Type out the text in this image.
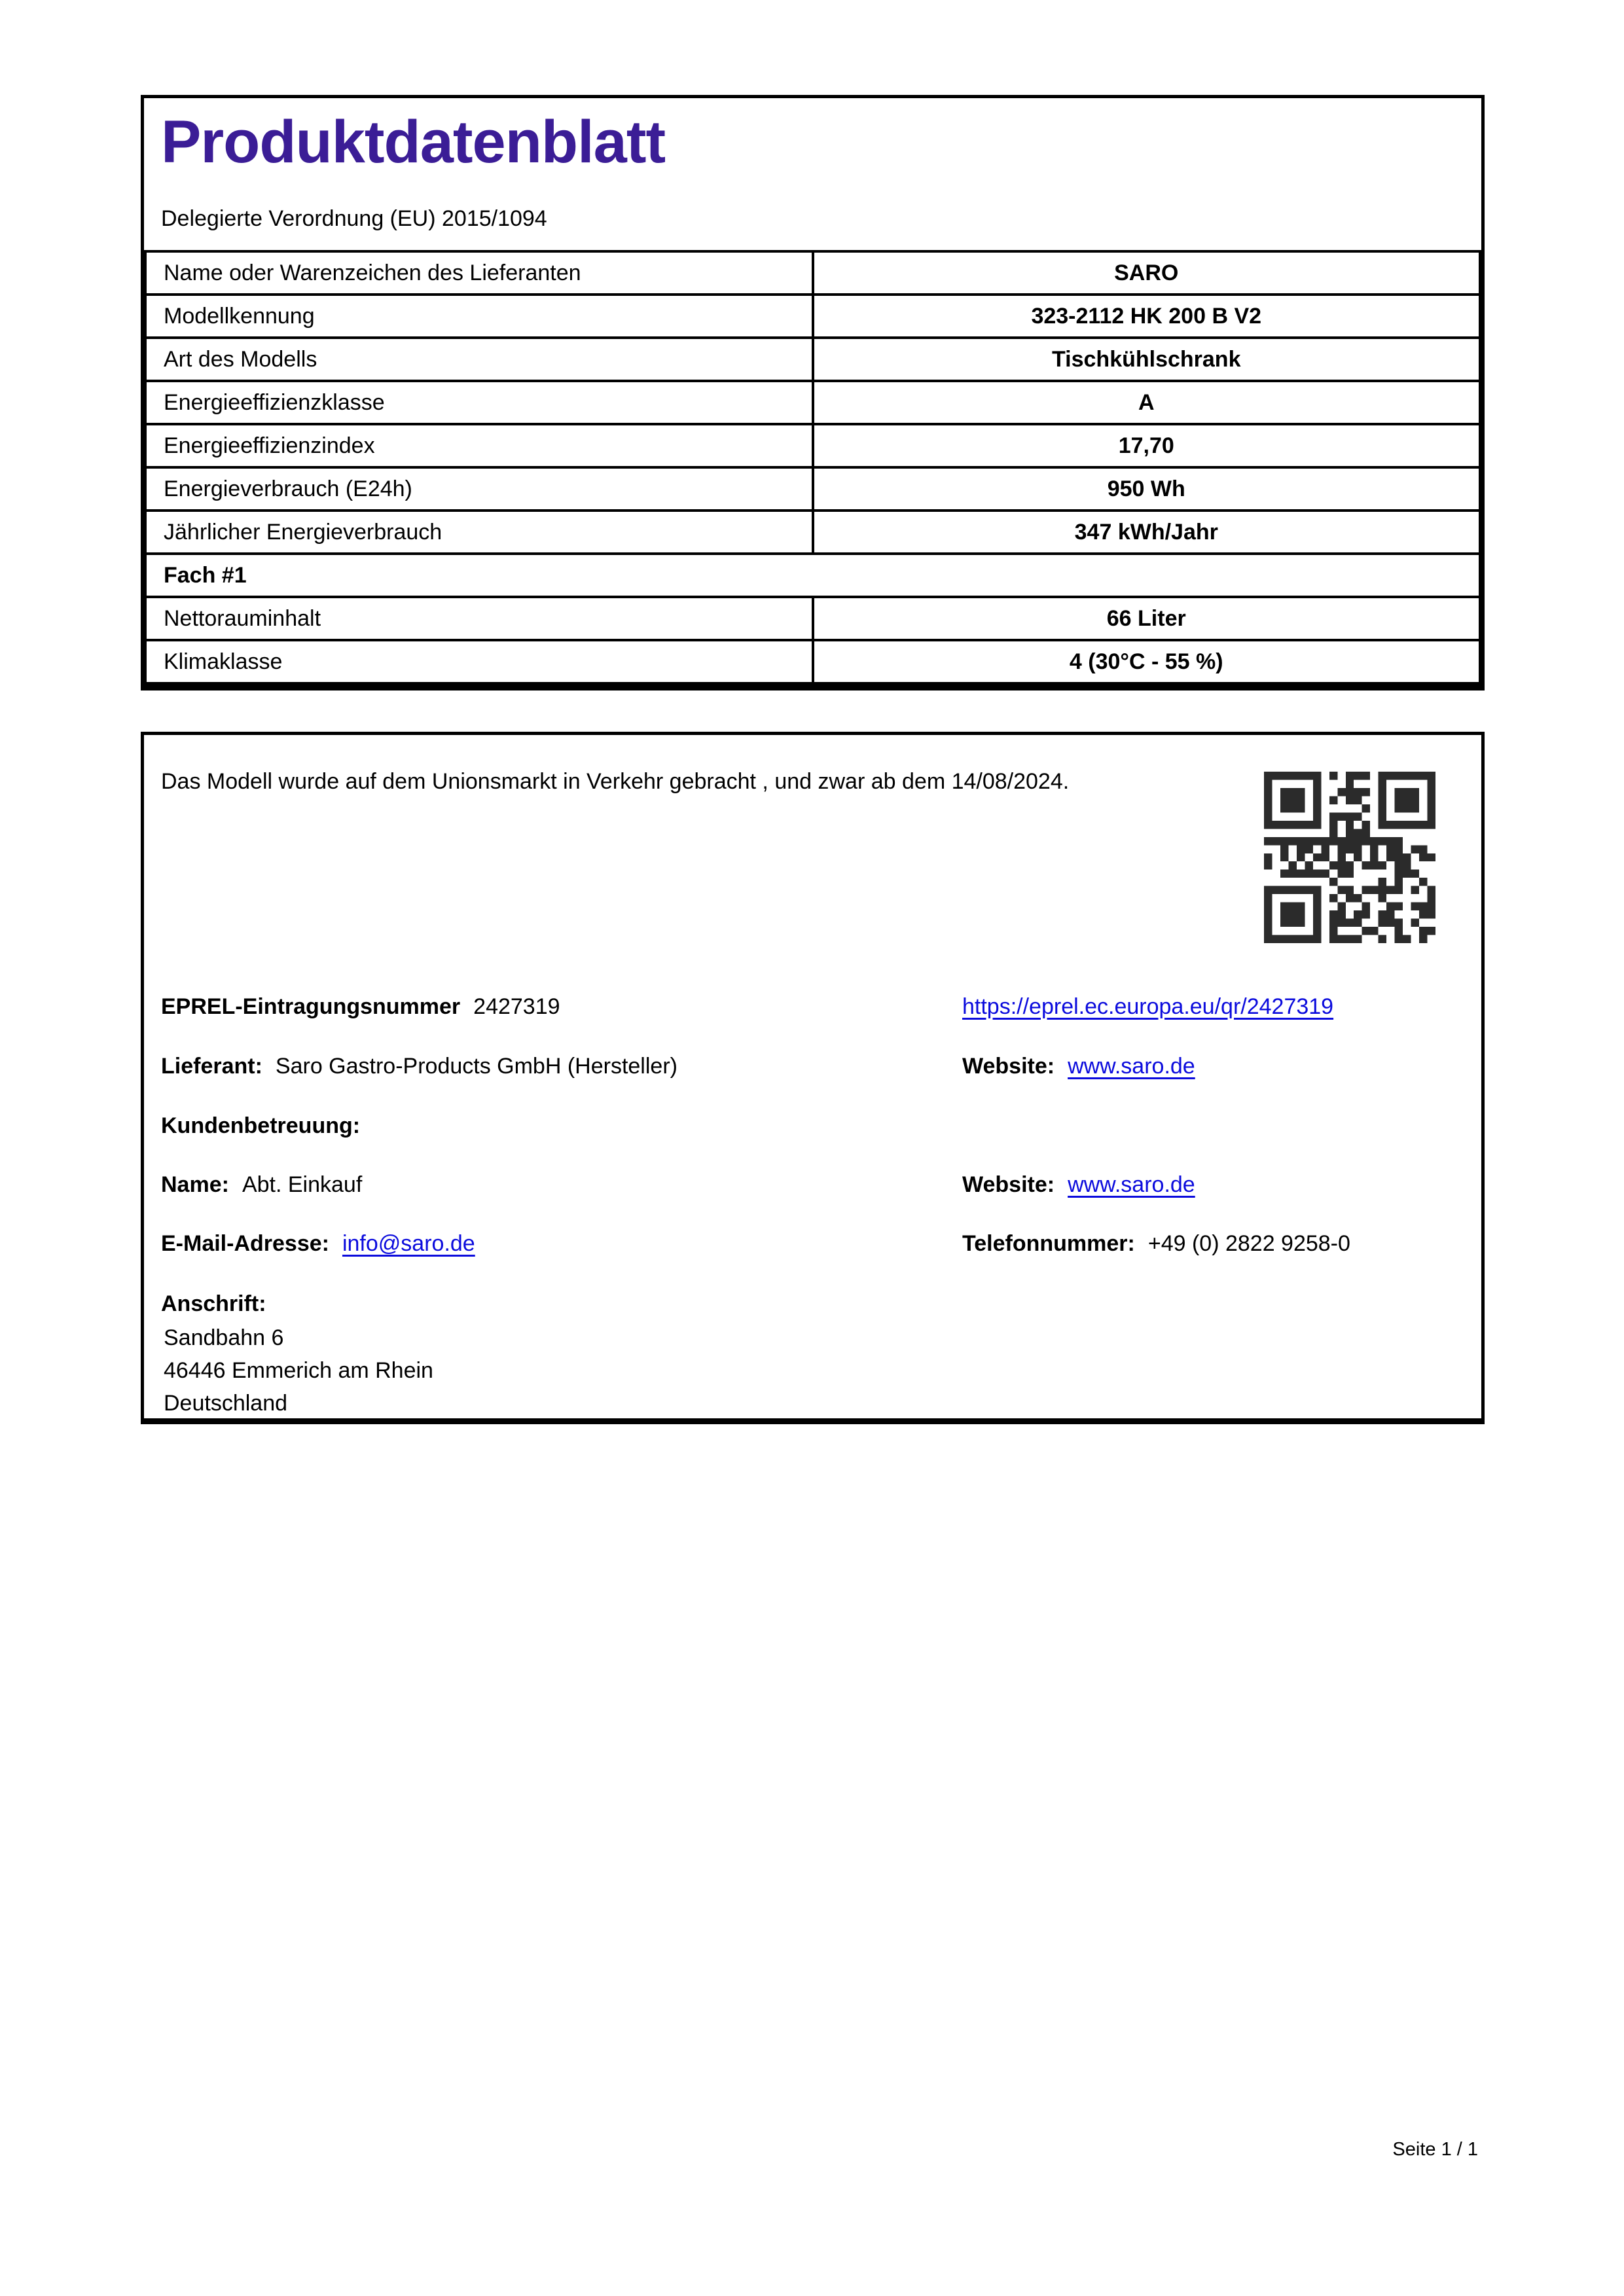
Produktdatenblatt
Delegierte Verordnung (EU) 2015/1094
Name oder Warenzeichen des Lieferanten	SARO
Modellkennung	323-2112 HK 200 B V2
Art des Modells	Tischkühlschrank
Energieeffizienzklasse	A
Energieeffizienzindex	17,70
Energieverbrauch (E24h)	950 Wh
Jährlicher Energieverbrauch	347 kWh/Jahr
Fach #1	
Nettorauminhalt	66 Liter
Klimaklasse	4 (30°C - 55 %)
Das Modell wurde auf dem Unionsmarkt in Verkehr gebracht , und zwar ab dem 14/08/2024.
EPREL-Eintragungsnummer 2427319	https://eprel.ec.europa.eu/qr/2427319
Lieferant: Saro Gastro-Products GmbH (Hersteller)	Website: www.saro.de
Kundenbetreuung:
Name: Abt. Einkauf	Website: www.saro.de
E-Mail-Adresse: info@saro.de	Telefonnummer: +49 (0) 2822 9258-0
Anschrift:
Sandbahn 6
46446 Emmerich am Rhein
Deutschland
Seite 1 / 1
